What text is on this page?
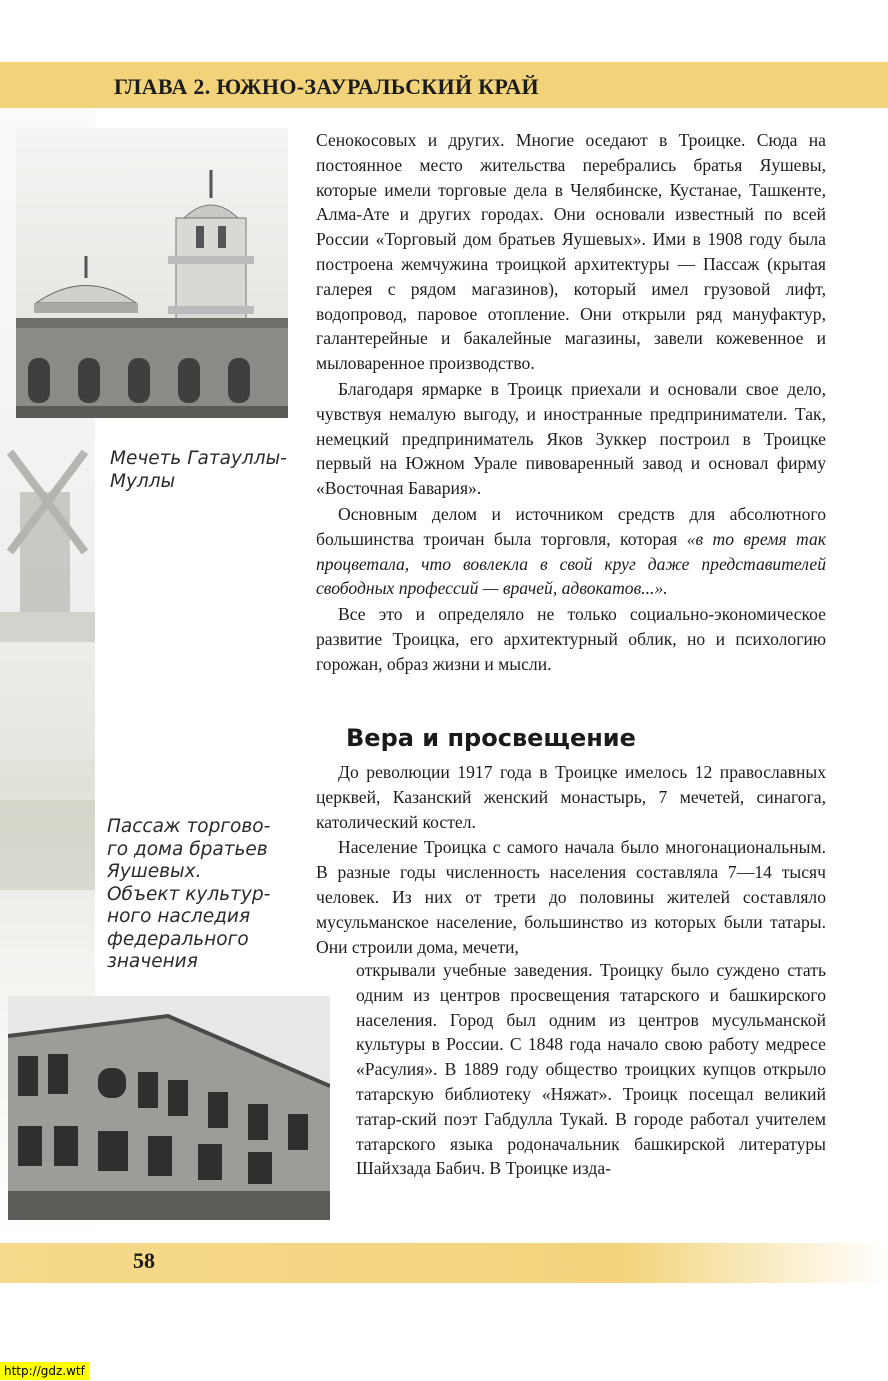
ГЛАВА 2. ЮЖНО-ЗАУРАЛЬСКИЙ КРАЙ
Мечеть Гатауллы-
Муллы
Пассаж торгово-
го дома братьев
Яушевых.
Объект культур-
ного наследия
федерального
значения

Сенокосовых и других. Многие оседают в Троицке. Сюда на постоянное место жительства перебрались братья Яушевы, которые имели торговые дела в Челябинске, Кустанае, Ташкенте, Алма-Ате и других городах. Они основали известный по всей России «Торговый дом братьев Яушевых». Ими в 1908 году была построена жемчужина троицкой архитектуры — Пассаж (крытая галерея с рядом магазинов), который имел грузовой лифт, водопровод, паровое отопление. Они открыли ряд мануфактур, галантерейные и бакалейные магазины, завели кожевенное и мыловаренное производство.

Благодаря ярмарке в Троицк приехали и основали свое дело, чувствуя немалую выгоду, и иностранные предприниматели. Так, немецкий предприниматель Яков Зуккер построил в Троицке первый на Южном Урале пивоваренный завод и основал фирму «Восточная Бавария».

Основным делом и источником средств для абсолютного большинства троичан была торговля, которая «в то время так процветала, что вовлекла в свой круг даже представителей свободных профессий — врачей, адвокатов...».

Все это и определяло не только социально-экономическое развитие Троицка, его архитектурный облик, но и психологию горожан, образ жизни и мысли.

Вера и просвещение

До революции 1917 года в Троицке имелось 12 православных церквей, Казанский женский монастырь, 7 мечетей, синагога, католический костел.

Население Троицка с самого начала было многонациональным. В разные годы численность населения составляла 7—14 тысяч человек. Из них от трети до половины жителей составляло мусульманское население, большинство из которых были татары. Они строили дома, мечети,

открывали учебные заведения. Троицку было суждено стать одним из центров просвещения татарского и башкирского населения. Город был одним из центров мусульманской культуры в России. С 1848 года начало свою работу медресе «Расулия». В 1889 году общество троицких купцов открыло татарскую библиотеку «Няжат». Троицк посещал великий татар-ский поэт Габдулла Тукай. В городе работал учителем татарского языка родоначальник башкирской литературы Шайхзада Бабич. В Троицке изда-

58
http://gdz.wtf
